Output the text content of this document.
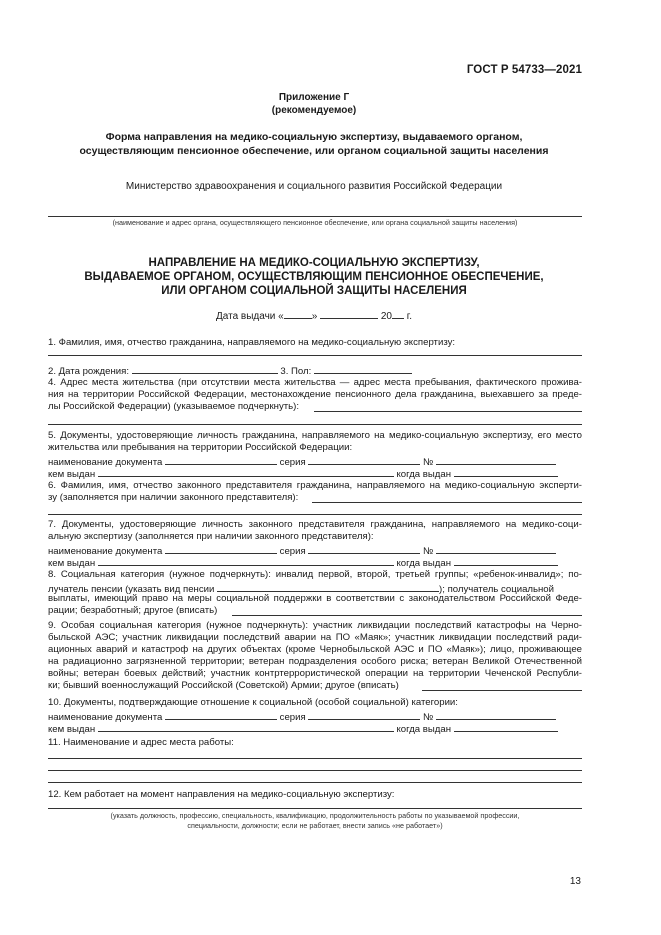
ГОСТ Р 54733—2021
Приложение Г
(рекомендуемое)
Форма направления на медико-социальную экспертизу, выдаваемого органом,
осуществляющим пенсионное обеспечение, или органом социальной защиты населения
Министерство здравоохранения и социального развития Российской Федерации
(наименование и адрес органа, осуществляющего пенсионное обеспечение, или органа социальной защиты населения)
НАПРАВЛЕНИЕ НА МЕДИКО-СОЦИАЛЬНУЮ ЭКСПЕРТИЗУ,
ВЫДАВАЕМОЕ ОРГАНОМ, ОСУЩЕСТВЛЯЮЩИМ ПЕНСИОННОЕ ОБЕСПЕЧЕНИЕ,
ИЛИ ОРГАНОМ СОЦИАЛЬНОЙ ЗАЩИТЫ НАСЕЛЕНИЯ
Дата выдачи «	»	20 г.
1. Фамилия, имя, отчество гражданина, направляемого на медико-социальную экспертизу:
2. Дата рождения:	3. Пол:
4. Адрес места жительства (при отсутствии места жительства — адрес места пребывания, фактического прожива-
ния на территории Российской Федерации, местонахождение пенсионного дела гражданина, выехавшего за преде-
лы Российской Федерации) (указываемое подчеркнуть):
5. Документы, удостоверяющие личность гражданина, направляемого на медико-социальную экспертизу, его место
жительства или пребывания на территории Российской Федерации:
наименование документа	серия	№
кем выдан	когда выдан
6. Фамилия, имя, отчество законного представителя гражданина, направляемого на медико-социальную эксперти-
зу (заполняется при наличии законного представителя):
7. Документы, удостоверяющие личность законного представителя гражданина, направляемого на медико-соци-
альную экспертизу (заполняется при наличии законного представителя):
наименование документа	серия	№
кем выдан	когда выдан
8. Социальная категория (нужное подчеркнуть): инвалид первой, второй, третьей группы; «ребенок-инвалид»; по-
лучатель пенсии (указать вид пенсии	); получатель социальной
выплаты, имеющий право на меры социальной поддержки в соответствии с законодательством Российской Феде-
рации; безработный; другое (вписать)
9. Особая социальная категория (нужное подчеркнуть): участник ликвидации последствий катастрофы на Черно-
быльской АЭС; участник ликвидации последствий аварии на ПО «Маяк»; участник ликвидации последствий ради-
ационных аварий и катастроф на других объектах (кроме Чернобыльской АЭС и ПО «Маяк»); лицо, проживающее
на радиационно загрязненной территории; ветеран подразделения особого риска; ветеран Великой Отечественной
войны; ветеран боевых действий; участник контртеррористической операции на территории Чеченской Республи-
ки; бывший военнослужащий Российской (Советской) Армии; другое (вписать)
10. Документы, подтверждающие отношение к социальной (особой социальной) категории:
наименование документа	серия	№
кем выдан	когда выдан
11. Наименование и адрес места работы:
12. Кем работает на момент направления на медико-социальную экспертизу:
(указать должность, профессию, специальность, квалификацию, продолжительность работы по указываемой профессии,
специальности, должности; если не работает, внести запись «не работает»)
13
